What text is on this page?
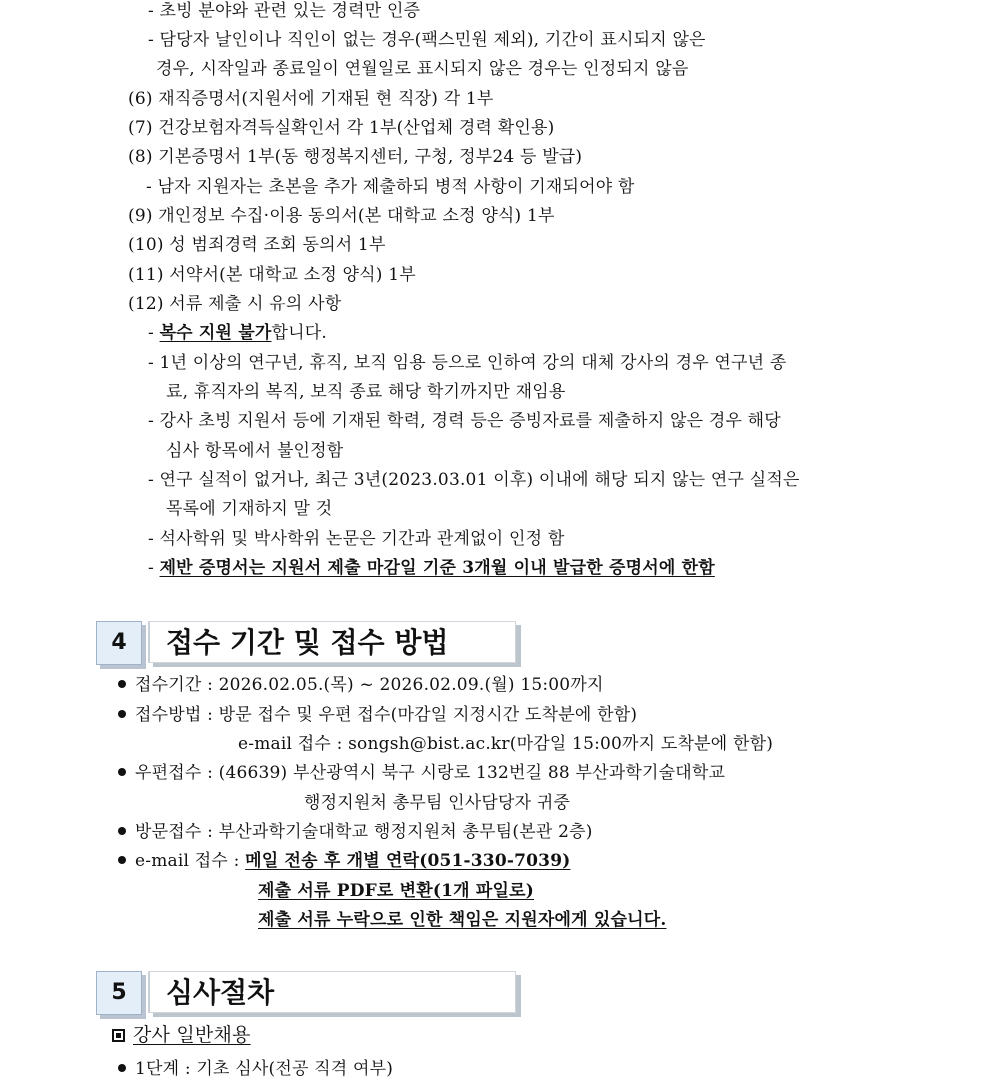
- 초빙 분야와 관련 있는 경력만 인증
- 담당자 날인이나 직인이 없는 경우(팩스민원 제외), 기간이 표시되지 않은
경우, 시작일과 종료일이 연월일로 표시되지 않은 경우는 인정되지 않음
(6) 재직증명서(지원서에 기재된 현 직장) 각 1부
(7) 건강보험자격득실확인서 각 1부(산업체 경력 확인용)
(8) 기본증명서 1부(동 행정복지센터, 구청, 정부24 등 발급)
- 남자 지원자는 초본을 추가 제출하되 병적 사항이 기재되어야 함
(9) 개인정보 수집·이용 동의서(본 대학교 소정 양식) 1부
(10) 성 범죄경력 조회 동의서 1부
(11) 서약서(본 대학교 소정 양식) 1부
(12) 서류 제출 시 유의 사항
- 복수 지원 불가합니다.
- 1년 이상의 연구년, 휴직, 보직 임용 등으로 인하여 강의 대체 강사의 경우 연구년 종
료, 휴직자의 복직, 보직 종료 해당 학기까지만 재임용
- 강사 초빙 지원서 등에 기재된 학력, 경력 등은 증빙자료를 제출하지 않은 경우 해당
심사 항목에서 불인정함
- 연구 실적이 없거나, 최근 3년(2023.03.01 이후) 이내에 해당 되지 않는 연구 실적은
목록에 기재하지 말 것
- 석사학위 및 박사학위 논문은 기간과 관계없이 인정 함
- 제반 증명서는 지원서 제출 마감일 기준 3개월 이내 발급한 증명서에 한함
4	접수 기간 및 접수 방법
접수기간 : 2026.02.05.(목) ~ 2026.02.09.(월) 15:00까지
접수방법 : 방문 접수 및 우편 접수(마감일 지정시간 도착분에 한함)
e-mail 접수 : songsh@bist.ac.kr(마감일 15:00까지 도착분에 한함)
우편접수 : (46639) 부산광역시 북구 시랑로 132번길 88 부산과학기술대학교
행정지원처 총무팀 인사담당자 귀중
방문접수 : 부산과학기술대학교 행정지원처 총무팀(본관 2층)
e-mail 접수 : 메일 전송 후 개별 연락(051-330-7039)
제출 서류 PDF로 변환(1개 파일로)
제출 서류 누락으로 인한 책임은 지원자에게 있습니다.
5	심사절차
강사 일반채용
1단계 : 기초 심사(전공 직격 여부)
